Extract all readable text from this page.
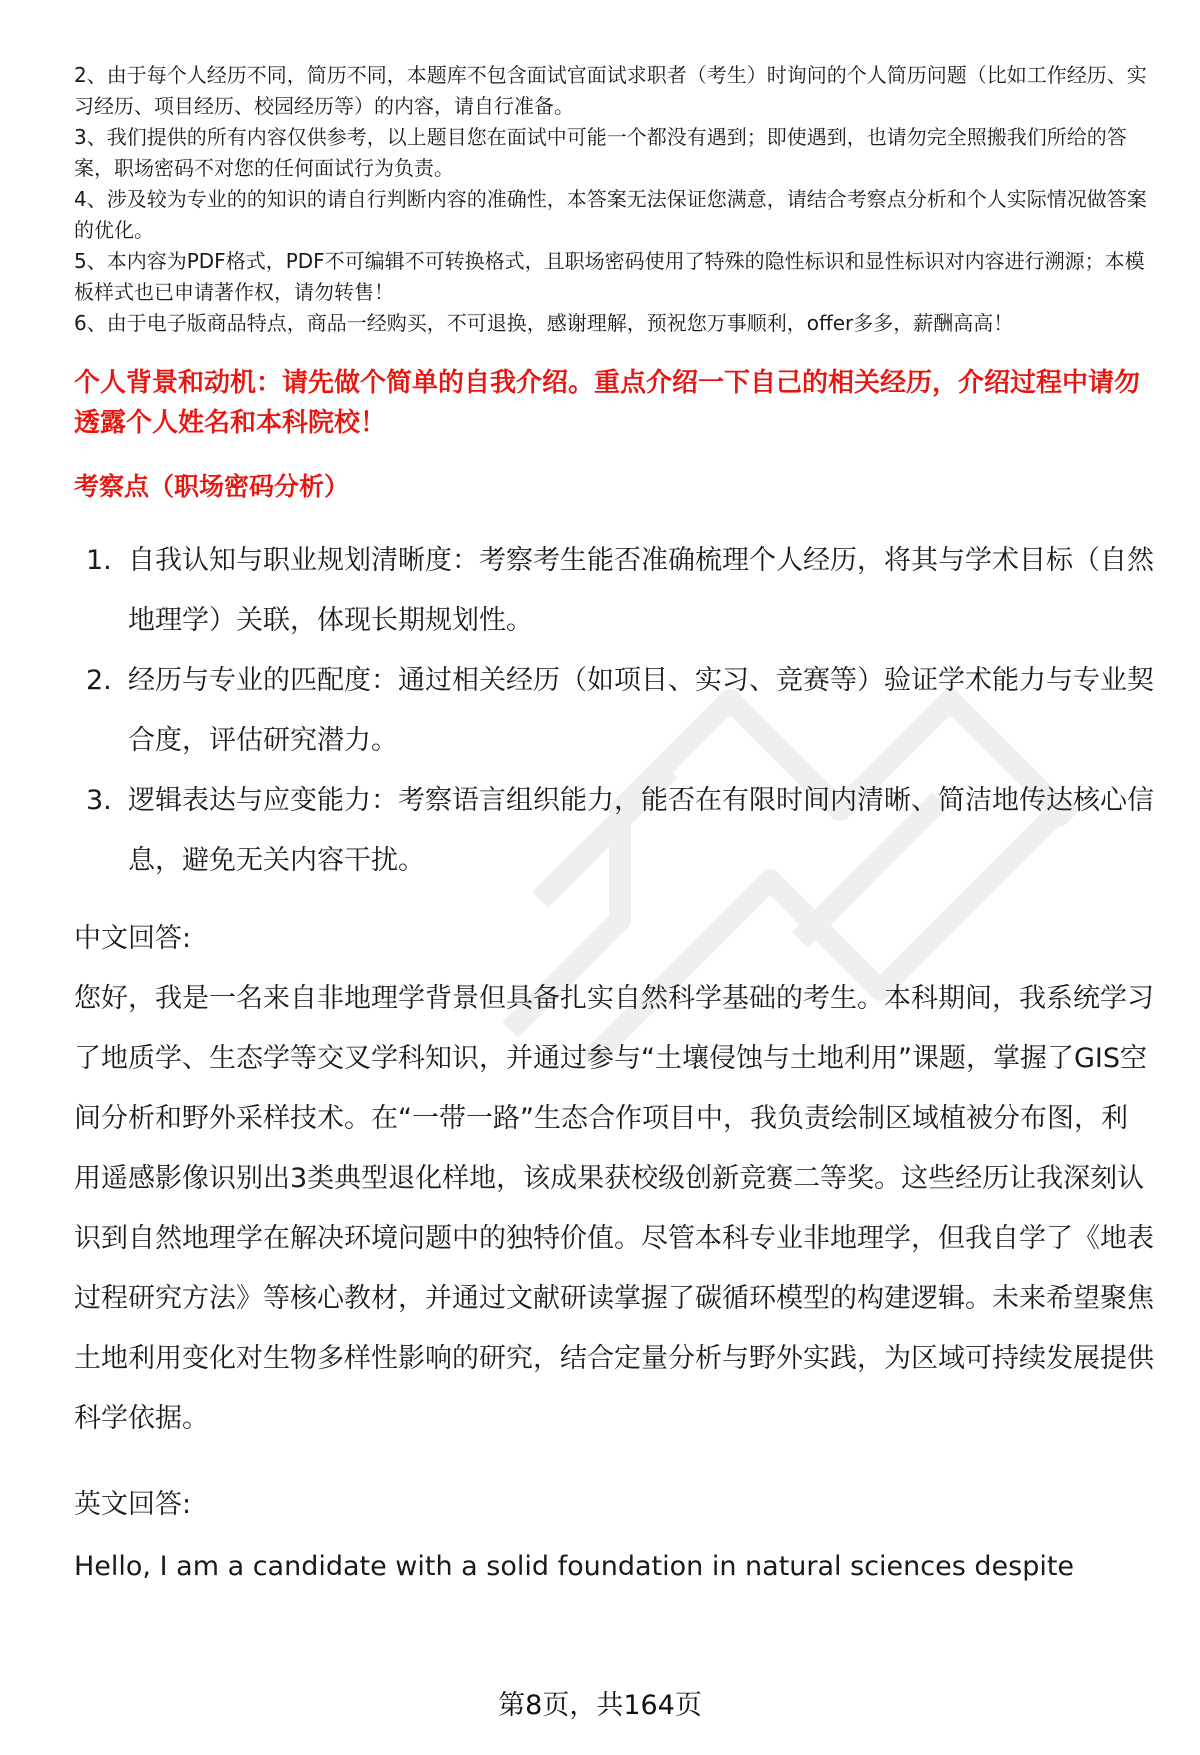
2、由于每个人经历不同，简历不同，本题库不包含面试官面试求职者（考生）时询问的个人简历问题（比如工作经历、实习经历、项目经历、校园经历等）的内容，请自行准备。

3、我们提供的所有内容仅供参考，以上题目您在面试中可能一个都没有遇到；即使遇到，也请勿完全照搬我们所给的答案，职场密码不对您的任何面试行为负责。

4、涉及较为专业的的知识的请自行判断内容的准确性，本答案无法保证您满意，请结合考察点分析和个人实际情况做答案的优化。

5、本内容为PDF格式，PDF不可编辑不可转换格式，且职场密码使用了特殊的隐性标识和显性标识对内容进行溯源；本模板样式也已申请著作权，请勿转售！

6、由于电子版商品特点，商品一经购买，不可退换，感谢理解，预祝您万事顺利，offer多多，薪酬高高！

个人背景和动机：请先做个简单的自我介绍。重点介绍一下自己的相关经历，介绍过程中请勿透露个人姓名和本科院校！

考察点（职场密码分析）

1. 自我认知与职业规划清晰度：考察考生能否准确梳理个人经历，将其与学术目标（自然地理学）关联，体现长期规划性。
2. 经历与专业的匹配度：通过相关经历（如项目、实习、竞赛等）验证学术能力与专业契合度，评估研究潜力。
3. 逻辑表达与应变能力：考察语言组织能力，能否在有限时间内清晰、简洁地传达核心信息，避免无关内容干扰。

中文回答:

您好，我是一名来自非地理学背景但具备扎实自然科学基础的考生。本科期间，我系统学习了地质学、生态学等交叉学科知识，并通过参与“土壤侵蚀与土地利用”课题，掌握了GIS空间分析和野外采样技术。在“一带一路”生态合作项目中，我负责绘制区域植被分布图，利用遥感影像识别出3类典型退化样地，该成果获校级创新竞赛二等奖。这些经历让我深刻认识到自然地理学在解决环境问题中的独特价值。尽管本科专业非地理学，但我自学了《地表过程研究方法》等核心教材，并通过文献研读掌握了碳循环模型的构建逻辑。未来希望聚焦土地利用变化对生物多样性影响的研究，结合定量分析与野外实践，为区域可持续发展提供科学依据。

英文回答:

Hello, I am a candidate with a solid foundation in natural sciences despite

第8页，共164页
